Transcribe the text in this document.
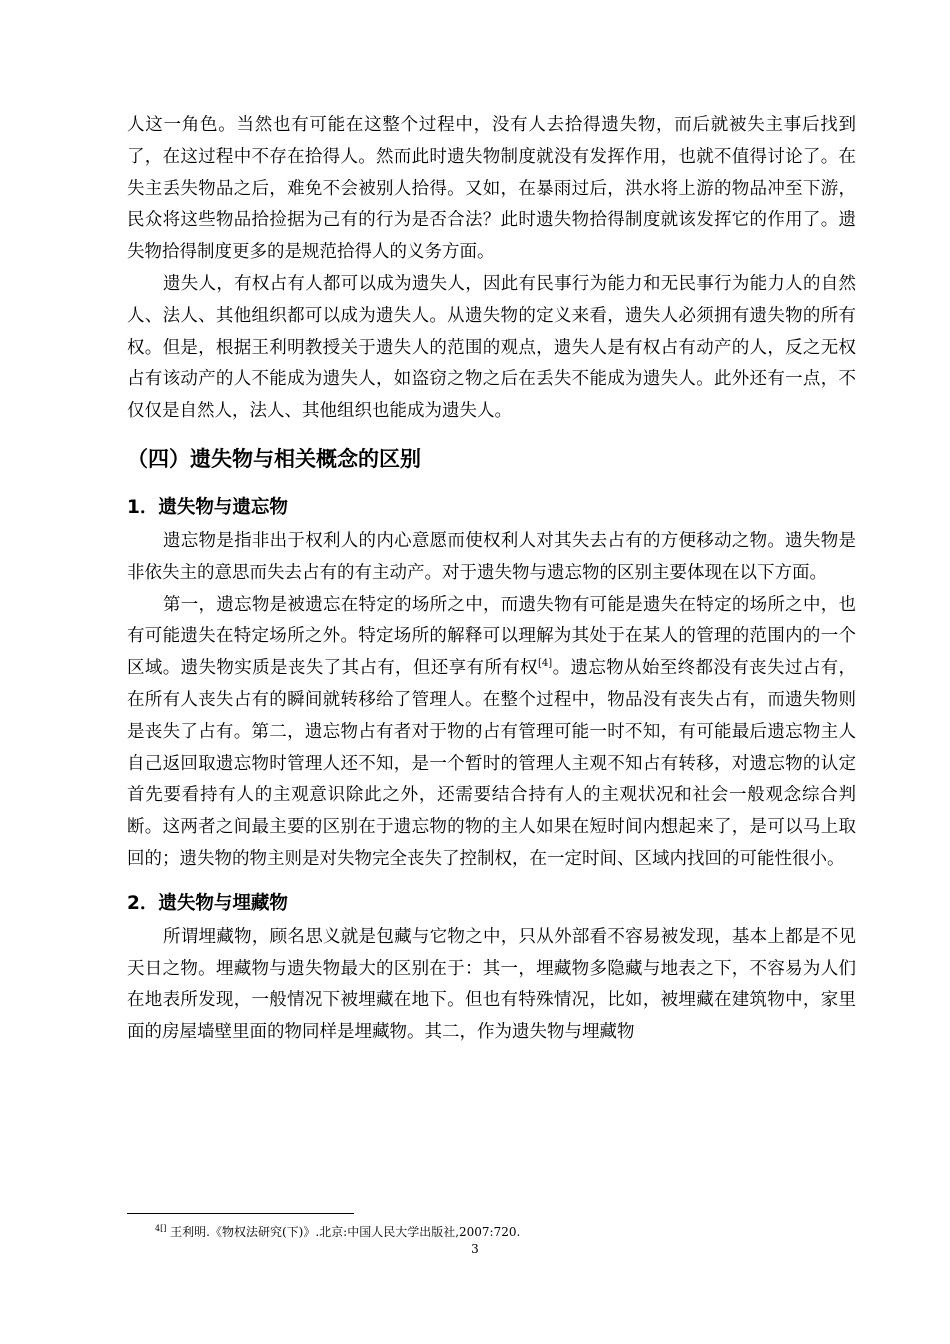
人这一角色。当然也有可能在这整个过程中，没有人去拾得遗失物，而后就被失主事后找到了，在这过程中不存在拾得人。然而此时遗失物制度就没有发挥作用，也就不值得讨论了。在失主丢失物品之后，难免不会被别人拾得。又如，在暴雨过后，洪水将上游的物品冲至下游，民众将这些物品拾捡据为己有的行为是否合法？此时遗失物拾得制度就该发挥它的作用了。遗失物拾得制度更多的是规范拾得人的义务方面。

遗失人，有权占有人都可以成为遗失人，因此有民事行为能力和无民事行为能力人的自然人、法人、其他组织都可以成为遗失人。从遗失物的定义来看，遗失人必须拥有遗失物的所有权。但是，根据王利明教授关于遗失人的范围的观点，遗失人是有权占有动产的人，反之无权占有该动产的人不能成为遗失人，如盗窃之物之后在丢失不能成为遗失人。此外还有一点，不仅仅是自然人，法人、其他组织也能成为遗失人。

（四）遗失物与相关概念的区别
1．遗失物与遗忘物

遗忘物是指非出于权利人的内心意愿而使权利人对其失去占有的方便移动之物。遗失物是非依失主的意思而失去占有的有主动产。对于遗失物与遗忘物的区别主要体现在以下方面。

第一，遗忘物是被遗忘在特定的场所之中，而遗失物有可能是遗失在特定的场所之中，也有可能遗失在特定场所之外。特定场所的解释可以理解为其处于在某人的管理的范围内的一个区域。遗失物实质是丧失了其占有，但还享有所有权[4]。遗忘物从始至终都没有丧失过占有，在所有人丧失占有的瞬间就转移给了管理人。在整个过程中，物品没有丧失占有，而遗失物则是丧失了占有。第二，遗忘物占有者对于物的占有管理可能一时不知，有可能最后遗忘物主人自己返回取遗忘物时管理人还不知，是一个暂时的管理人主观不知占有转移，对遗忘物的认定首先要看持有人的主观意识除此之外，还需要结合持有人的主观状况和社会一般观念综合判断。这两者之间最主要的区别在于遗忘物的物的主人如果在短时间内想起来了，是可以马上取回的；遗失物的物主则是对失物完全丧失了控制权，在一定时间、区域内找回的可能性很小。

2．遗失物与埋藏物

所谓埋藏物，顾名思义就是包藏与它物之中，只从外部看不容易被发现，基本上都是不见天日之物。埋藏物与遗失物最大的区别在于：其一，埋藏物多隐藏与地表之下，不容易为人们在地表所发现，一般情况下被埋藏在地下。但也有特殊情况，比如，被埋藏在建筑物中，家里面的房屋墙壁里面的物同样是埋藏物。其二，作为遗失物与埋藏物

$^{4[]}$ 王利明.《物权法研究(下)》.北京:中国人民大学出版社,2007:720.
3
